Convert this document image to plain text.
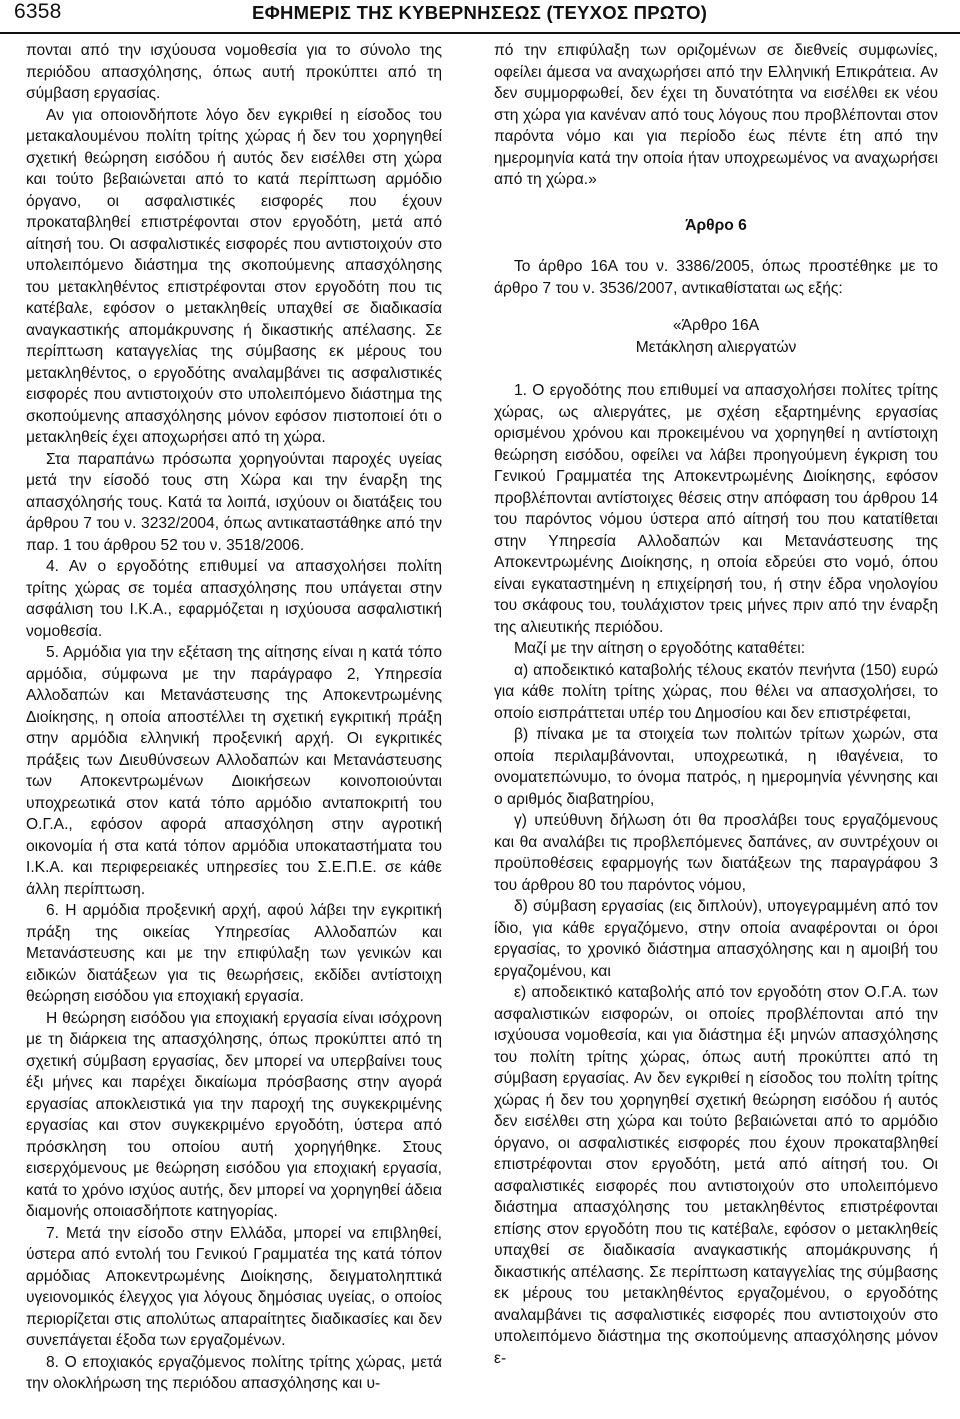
6358	ΕΦΗΜΕΡΙΣ ΤΗΣ ΚΥΒΕΡΝΗΣΕΩΣ (ΤΕΥΧΟΣ ΠΡΩΤΟ)

πονται από την ισχύουσα νομοθεσία για το σύνολο της περιόδου απασχόλησης, όπως αυτή προκύπτει από τη σύμβαση εργασίας.

Αν για οποιονδήποτε λόγο δεν εγκριθεί η είσοδος του μετακαλουμένου πολίτη τρίτης χώρας ή δεν του χορηγηθεί σχετική θεώρηση εισόδου ή αυτός δεν εισέλθει στη χώρα και τούτο βεβαιώνεται από το κατά περίπτωση αρμόδιο όργανο, οι ασφαλιστικές εισφορές που έχουν προκαταβληθεί επιστρέφονται στον εργοδότη, μετά από αίτησή του. Οι ασφαλιστικές εισφορές που αντιστοιχούν στο υπολειπόμενο διάστημα της σκοπούμενης απασχόλησης του μετακληθέντος επιστρέφονται στον εργοδότη που τις κατέβαλε, εφόσον ο μετακληθείς υπαχθεί σε διαδικασία αναγκαστικής απομάκρυνσης ή δικαστικής απέλασης. Σε περίπτωση καταγγελίας της σύμβασης εκ μέρους του μετακληθέντος, ο εργοδότης αναλαμβάνει τις ασφαλιστικές εισφορές που αντιστοιχούν στο υπολειπόμενο διάστημα της σκοπούμενης απασχόλησης μόνον εφόσον πιστοποιεί ότι ο μετακληθείς έχει αποχωρήσει από τη χώρα.

Στα παραπάνω πρόσωπα χορηγούνται παροχές υγείας μετά την είσοδό τους στη Χώρα και την έναρξη της απασχόλησής τους. Κατά τα λοιπά, ισχύουν οι διατάξεις του άρθρου 7 του ν. 3232/2004, όπως αντικαταστάθηκε από την παρ. 1 του άρθρου 52 του ν. 3518/2006.

4. Αν ο εργοδότης επιθυμεί να απασχολήσει πολίτη τρίτης χώρας σε τομέα απασχόλησης που υπάγεται στην ασφάλιση του Ι.Κ.Α., εφαρμόζεται η ισχύουσα ασφαλιστική νομοθεσία.

5. Αρμόδια για την εξέταση της αίτησης είναι η κατά τόπο αρμόδια, σύμφωνα με την παράγραφο 2, Υπηρεσία Αλλοδαπών και Μετανάστευσης της Αποκεντρωμένης Διοίκησης, η οποία αποστέλλει τη σχετική εγκριτική πράξη στην αρμόδια ελληνική προξενική αρχή. Οι εγκριτικές πράξεις των Διευθύνσεων Αλλοδαπών και Μετανάστευσης των Αποκεντρωμένων Διοικήσεων κοινοποιούνται υποχρεωτικά στον κατά τόπο αρμόδιο ανταποκριτή του Ο.Γ.Α., εφόσον αφορά απασχόληση στην αγροτική οικονομία ή στα κατά τόπον αρμόδια υποκαταστήματα του Ι.Κ.Α. και περιφερειακές υπηρεσίες του Σ.Ε.Π.Ε. σε κάθε άλλη περίπτωση.

6. Η αρμόδια προξενική αρχή, αφού λάβει την εγκριτική πράξη της οικείας Υπηρεσίας Αλλοδαπών και Μετανάστευσης και με την επιφύλαξη των γενικών και ειδικών διατάξεων για τις θεωρήσεις, εκδίδει αντίστοιχη θεώρηση εισόδου για εποχιακή εργασία.

Η θεώρηση εισόδου για εποχιακή εργασία είναι ισόχρονη με τη διάρκεια της απασχόλησης, όπως προκύπτει από τη σχετική σύμβαση εργασίας, δεν μπορεί να υπερβαίνει τους έξι μήνες και παρέχει δικαίωμα πρόσβασης στην αγορά εργασίας αποκλειστικά για την παροχή της συγκεκριμένης εργασίας και στον συγκεκριμένο εργοδότη, ύστερα από πρόσκληση του οποίου αυτή χορηγήθηκε. Στους εισερχόμενους με θεώρηση εισόδου για εποχιακή εργασία, κατά το χρόνο ισχύος αυτής, δεν μπορεί να χορηγηθεί άδεια διαμονής οποιασδήποτε κατηγορίας.

7. Μετά την είσοδο στην Ελλάδα, μπορεί να επιβληθεί, ύστερα από εντολή του Γενικού Γραμματέα της κατά τόπον αρμόδιας Αποκεντρωμένης Διοίκησης, δειγματοληπτικά υγειονομικός έλεγχος για λόγους δημόσιας υγείας, ο οποίος περιορίζεται στις απολύτως απαραίτητες διαδικασίες και δεν συνεπάγεται έξοδα των εργαζομένων.

8. Ο εποχιακός εργαζόμενος πολίτης τρίτης χώρας, μετά την ολοκλήρωση της περιόδου απασχόλησης και υ-

πό την επιφύλαξη των οριζομένων σε διεθνείς συμφωνίες, οφείλει άμεσα να αναχωρήσει από την Ελληνική Επικράτεια. Αν δεν συμμορφωθεί, δεν έχει τη δυνατότητα να εισέλθει εκ νέου στη χώρα για κανέναν από τους λόγους που προβλέπονται στον παρόντα νόμο και για περίοδο έως πέντε έτη από την ημερομηνία κατά την οποία ήταν υποχρεωμένος να αναχωρήσει από τη χώρα.»

Άρθρο 6

Το άρθρο 16Α του ν. 3386/2005, όπως προστέθηκε με το άρθρο 7 του ν. 3536/2007, αντικαθίσταται ως εξής:

«Άρθρο 16Α

Μετάκληση αλιεργατών

1. Ο εργοδότης που επιθυμεί να απασχολήσει πολίτες τρίτης χώρας, ως αλιεργάτες, με σχέση εξαρτημένης εργασίας ορισμένου χρόνου και προκειμένου να χορηγηθεί η αντίστοιχη θεώρηση εισόδου, οφείλει να λάβει προηγούμενη έγκριση του Γενικού Γραμματέα της Αποκεντρωμένης Διοίκησης, εφόσον προβλέπονται αντίστοιχες θέσεις στην απόφαση του άρθρου 14 του παρόντος νόμου ύστερα από αίτησή του που κατατίθεται στην Υπηρεσία Αλλοδαπών και Μετανάστευσης της Αποκεντρωμένης Διοίκησης, η οποία εδρεύει στο νομό, όπου είναι εγκαταστημένη η επιχείρησή του, ή στην έδρα νηολογίου του σκάφους του, τουλάχιστον τρεις μήνες πριν από την έναρξη της αλιευτικής περιόδου.

Μαζί με την αίτηση ο εργοδότης καταθέτει:

α) αποδεικτικό καταβολής τέλους εκατόν πενήντα (150) ευρώ για κάθε πολίτη τρίτης χώρας, που θέλει να απασχολήσει, το οποίο εισπράττεται υπέρ του Δημοσίου και δεν επιστρέφεται,

β) πίνακα με τα στοιχεία των πολιτών τρίτων χωρών, στα οποία περιλαμβάνονται, υποχρεωτικά, η ιθαγένεια, το ονοματεπώνυμο, το όνομα πατρός, η ημερομηνία γέννησης και ο αριθμός διαβατηρίου,

γ) υπεύθυνη δήλωση ότι θα προσλάβει τους εργαζόμενους και θα αναλάβει τις προβλεπόμενες δαπάνες, αν συντρέχουν οι προϋποθέσεις εφαρμογής των διατάξεων της παραγράφου 3 του άρθρου 80 του παρόντος νόμου,

δ) σύμβαση εργασίας (εις διπλούν), υπογεγραμμένη από τον ίδιο, για κάθε εργαζόμενο, στην οποία αναφέρονται οι όροι εργασίας, το χρονικό διάστημα απασχόλησης και η αμοιβή του εργαζομένου, και

ε) αποδεικτικό καταβολής από τον εργοδότη στον Ο.Γ.Α. των ασφαλιστικών εισφορών, οι οποίες προβλέπονται από την ισχύουσα νομοθεσία, και για διάστημα έξι μηνών απασχόλησης του πολίτη τρίτης χώρας, όπως αυτή προκύπτει από τη σύμβαση εργασίας. Αν δεν εγκριθεί η είσοδος του πολίτη τρίτης χώρας ή δεν του χορηγηθεί σχετική θεώρηση εισόδου ή αυτός δεν εισέλθει στη χώρα και τούτο βεβαιώνεται από το αρμόδιο όργανο, οι ασφαλιστικές εισφορές που έχουν προκαταβληθεί επιστρέφονται στον εργοδότη, μετά από αίτησή του. Οι ασφαλιστικές εισφορές που αντιστοιχούν στο υπολειπόμενο διάστημα απασχόλησης του μετακληθέντος επιστρέφονται επίσης στον εργοδότη που τις κατέβαλε, εφόσον ο μετακληθείς υπαχθεί σε διαδικασία αναγκαστικής απομάκρυνσης ή δικαστικής απέλασης. Σε περίπτωση καταγγελίας της σύμβασης εκ μέρους του μετακληθέντος εργαζομένου, ο εργοδότης αναλαμβάνει τις ασφαλιστικές εισφορές που αντιστοιχούν στο υπολειπόμενο διάστημα της σκοπούμενης απασχόλησης μόνον ε-
